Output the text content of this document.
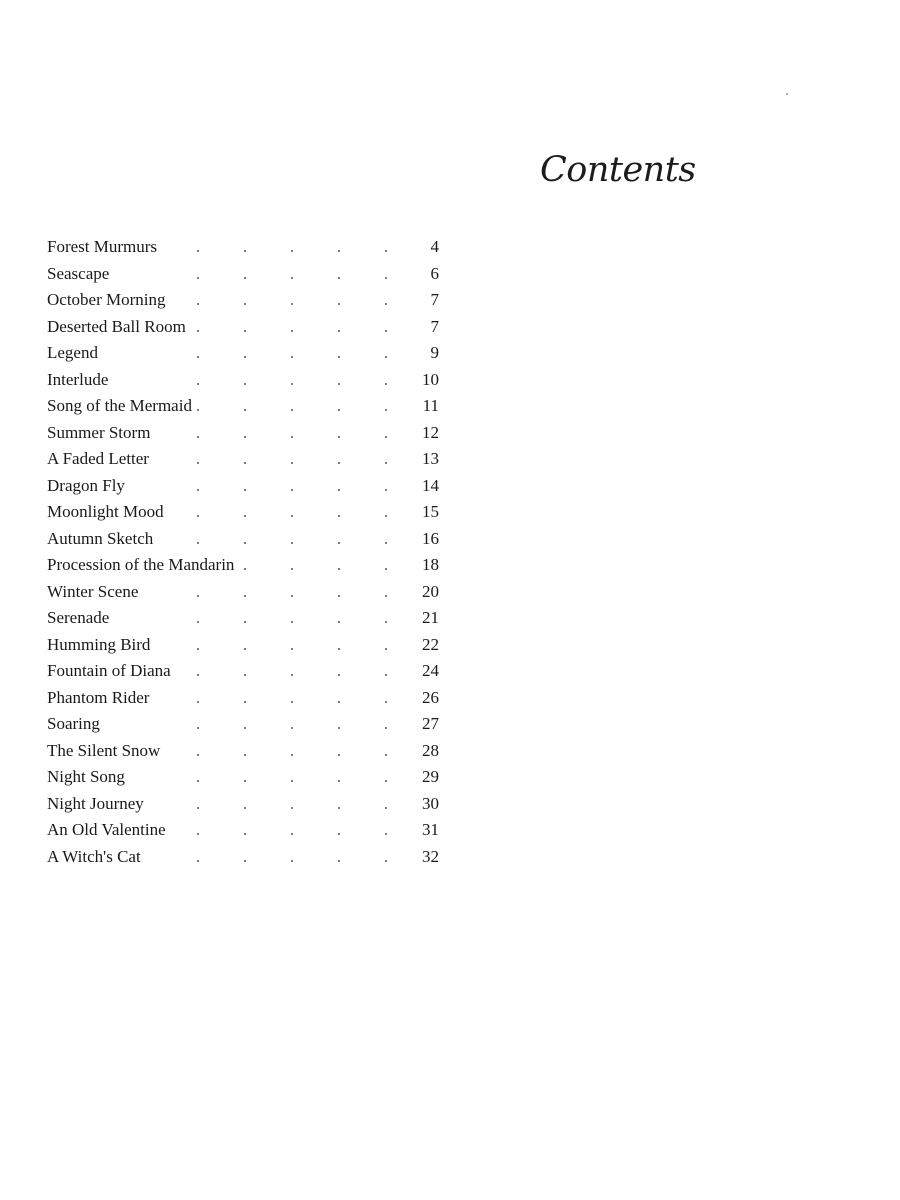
Contents
Forest Murmurs	4
Seascape	6
October Morning	7
Deserted Ball Room	7
Legend	9
Interlude	10
Song of the Mermaid	11
Summer Storm	12
A Faded Letter	13
Dragon Fly	14
Moonlight Mood	15
Autumn Sketch	16
Procession of the Mandarin	18
Winter Scene	20
Serenade	21
Humming Bird	22
Fountain of Diana	24
Phantom Rider	26
Soaring	27
The Silent Snow	28
Night Song	29
Night Journey	30
An Old Valentine	31
A Witch's Cat	32
